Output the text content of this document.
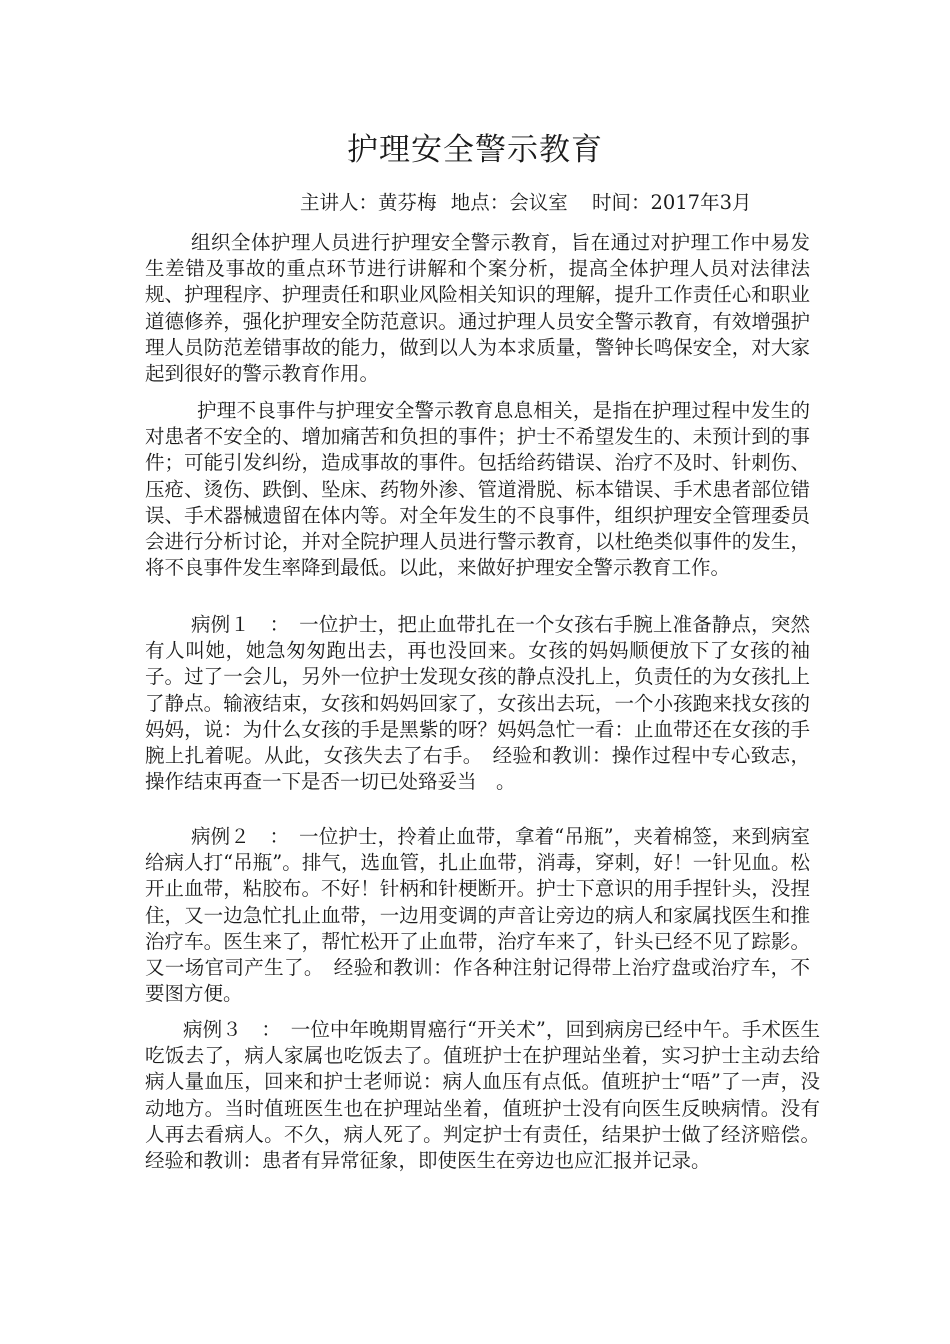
护理安全警示教育
主讲人：黄芬梅 地点：会议室 时间：2017年3月

组织全体护理人员进行护理安全警示教育，旨在通过对护理工作中易发生差错及事故的重点环节进行讲解和个案分析，提高全体护理人员对法律法规、护理程序、护理责任和职业风险相关知识的理解，提升工作责任心和职业道德修养，强化护理安全防范意识。通过护理人员安全警示教育，有效增强护理人员防范差错事故的能力，做到以人为本求质量，警钟长鸣保安全，对大家起到很好的警示教育作用。

护理不良事件与护理安全警示教育息息相关，是指在护理过程中发生的对患者不安全的、增加痛苦和负担的事件；护士不希望发生的、未预计到的事件；可能引发纠纷，造成事故的事件。包括给药错误、治疗不及时、针刺伤、压疮、烫伤、跌倒、坠床、药物外渗、管道滑脱、标本错误、手术患者部位错误、手术器械遗留在体内等。对全年发生的不良事件，组织护理安全管理委员会进行分析讨论，并对全院护理人员进行警示教育，以杜绝类似事件的发生，将不良事件发生率降到最低。以此，来做好护理安全警示教育工作。

病例１　：　一位护士，把止血带扎在一个女孩右手腕上准备静点，突然有人叫她，她急匆匆跑出去，再也没回来。女孩的妈妈顺便放下了女孩的袖子。过了一会儿，另外一位护士发现女孩的静点没扎上，负责任的为女孩扎上了静点。输液结束，女孩和妈妈回家了，女孩出去玩，一个小孩跑来找女孩的妈妈，说：为什么女孩的手是黑紫的呀？妈妈急忙一看：止血带还在女孩的手腕上扎着呢。从此，女孩失去了右手。　经验和教训：操作过程中专心致志，操作结束再查一下是否一切已处臵妥当　。

病例２　：　一位护士，拎着止血带，拿着“吊瓶”，夹着棉签，来到病室给病人打“吊瓶”。排气，选血管，扎止血带，消毒，穿刺，好！一针见血。松开止血带，粘胶布。不好！针柄和针梗断开。护士下意识的用手捏针头，没捏住，又一边急忙扎止血带，一边用变调的声音让旁边的病人和家属找医生和推治疗车。医生来了，帮忙松开了止血带，治疗车来了，针头已经不见了踪影。又一场官司产生了。　经验和教训：作各种注射记得带上治疗盘或治疗车，不要图方便。

病例３　：　一位中年晚期胃癌行“开关术”，回到病房已经中午。手术医生吃饭去了，病人家属也吃饭去了。值班护士在护理站坐着，实习护士主动去给病人量血压，回来和护士老师说：病人血压有点低。值班护士“唔”了一声，没动地方。当时值班医生也在护理站坐着，值班护士没有向医生反映病情。没有人再去看病人。不久，病人死了。判定护士有责任，结果护士做了经济赔偿。经验和教训：患者有异常征象，即使医生在旁边也应汇报并记录。
